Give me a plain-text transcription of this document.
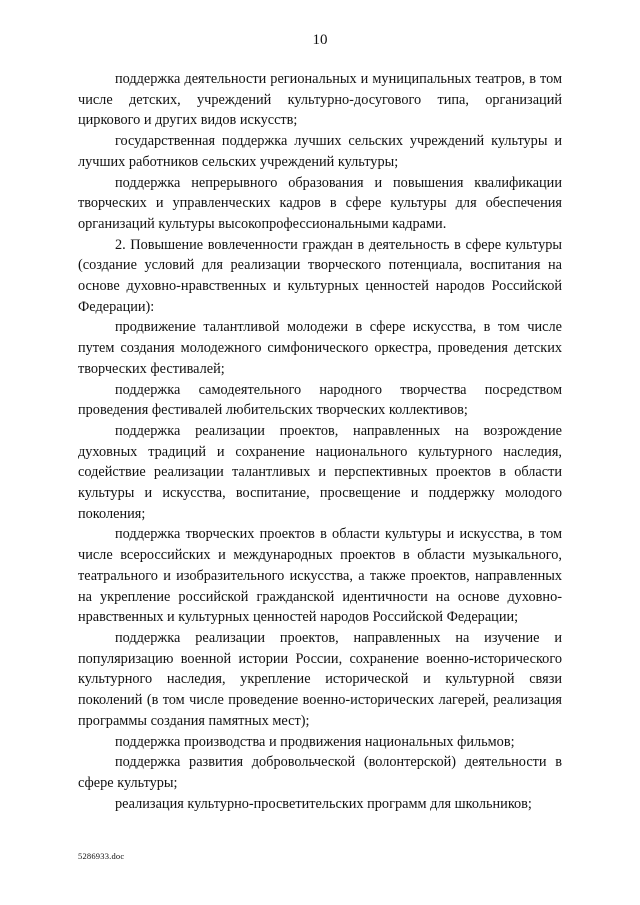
10

поддержка деятельности региональных и муниципальных театров, в том числе детских, учреждений культурно-досугового типа, организаций циркового и других видов искусств;

государственная поддержка лучших сельских учреждений культуры и лучших работников сельских учреждений культуры;

поддержка непрерывного образования и повышения квалификации творческих и управленческих кадров в сфере культуры для обеспечения организаций культуры высокопрофессиональными кадрами.

2. Повышение вовлеченности граждан в деятельность в сфере культуры (создание условий для реализации творческого потенциала, воспитания на основе духовно-нравственных и культурных ценностей народов Российской Федерации):

продвижение талантливой молодежи в сфере искусства, в том числе путем создания молодежного симфонического оркестра, проведения детских творческих фестивалей;

поддержка самодеятельного народного творчества посредством проведения фестивалей любительских творческих коллективов;

поддержка реализации проектов, направленных на возрождение духовных традиций и сохранение национального культурного наследия, содействие реализации талантливых и перспективных проектов в области культуры и искусства, воспитание, просвещение и поддержку молодого поколения;

поддержка творческих проектов в области культуры и искусства, в том числе всероссийских и международных проектов в области музыкального, театрального и изобразительного искусства, а также проектов, направленных на укрепление российской гражданской идентичности на основе духовно-нравственных и культурных ценностей народов Российской Федерации;

поддержка реализации проектов, направленных на изучение и популяризацию военной истории России, сохранение военно-исторического культурного наследия, укрепление исторической и культурной связи поколений (в том числе проведение военно-исторических лагерей, реализация программы создания памятных мест);

поддержка производства и продвижения национальных фильмов;

поддержка развития добровольческой (волонтерской) деятельности в сфере культуры;

реализация культурно-просветительских программ для школьников;

5286933.doc
